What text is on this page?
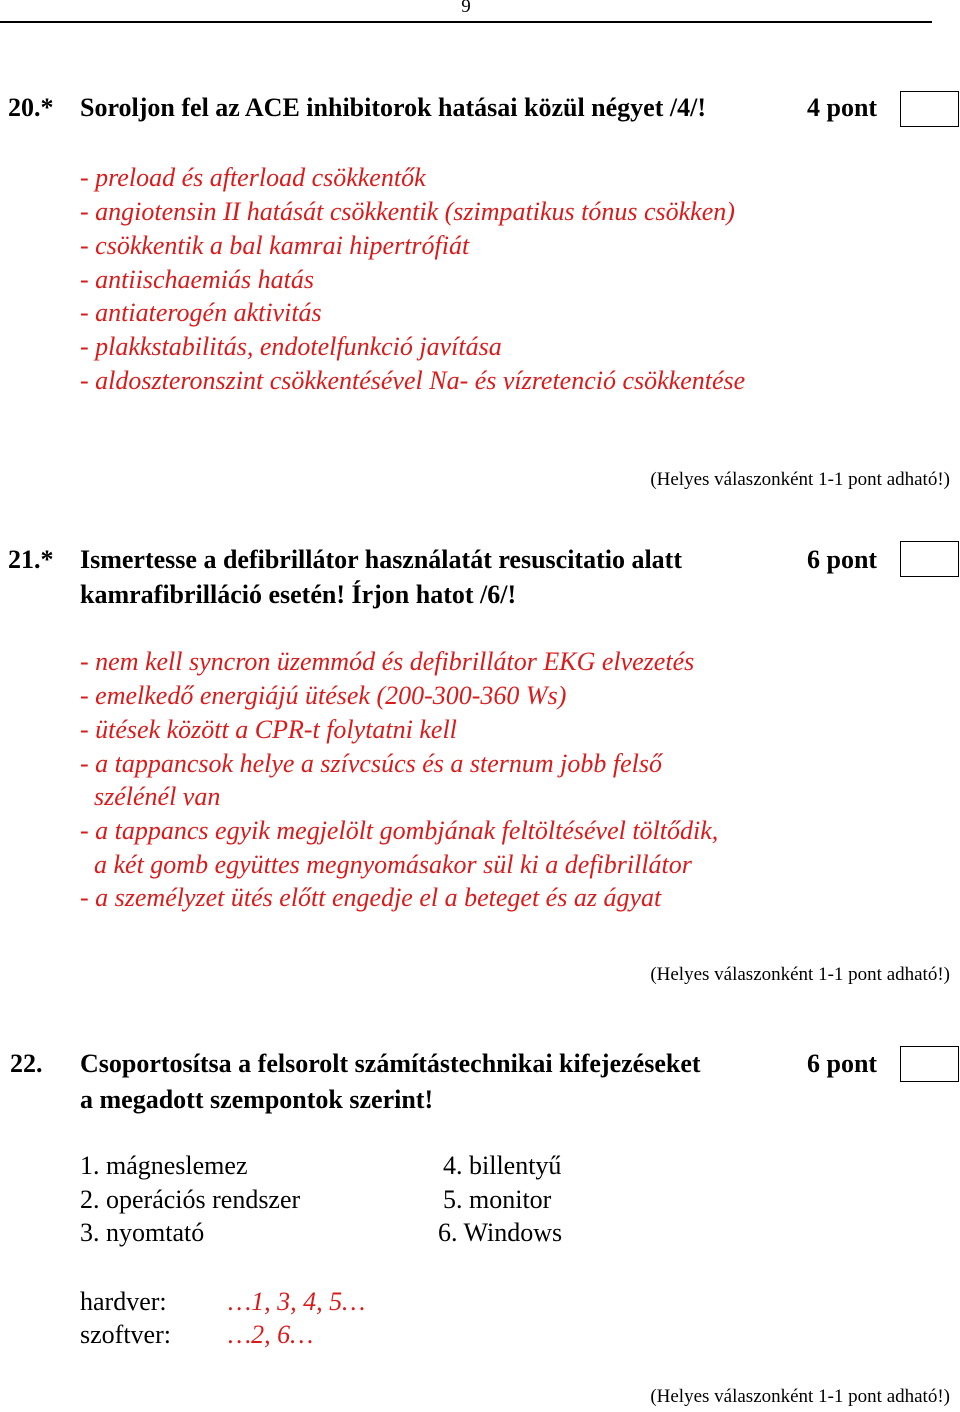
9
20.* Soroljon fel az ACE inhibitorok hatásai közül négyet /4/!	4 pont
- preload és afterload csökkentők
- angiotensin II hatását csökkentik (szimpatikus tónus csökken)
- csökkentik a bal kamrai hipertrófiát
- antiischaemiás hatás
- antiaterogén aktivitás
- plakkstabilitás, endotelfunkció javítása
- aldoszteronszint csökkentésével Na- és vízretenció csökkentése
(Helyes válaszonként 1-1 pont adható!)
21.* Ismertesse a defibrillátor használatát resuscitatio alatt
kamrafibrilláció esetén! Írjon hatot /6/!
6 pont
- nem kell syncron üzemmód és defibrillátor EKG elvezetés
- emelkedő energiájú ütések (200-300-360 Ws)
- ütések között a CPR-t folytatni kell
- a tappancsok helye a szívcsúcs és a sternum jobb felső
szélénél van
- a tappancs egyik megjelölt gombjának feltöltésével töltődik,
a két gomb együttes megnyomásakor sül ki a defibrillátor
- a személyzet ütés előtt engedje el a beteget és az ágyat
(Helyes válaszonként 1-1 pont adható!)
22. Csoportosítsa a felsorolt számítástechnikai kifejezéseket
a megadott szempontok szerint!
6 pont
1. mágneslemez
2. operációs rendszer
3. nyomtató
4. billentyű
5. monitor
6. Windows
hardver: …1, 3, 4, 5…
szoftver: …2, 6…
(Helyes válaszonként 1-1 pont adható!)
